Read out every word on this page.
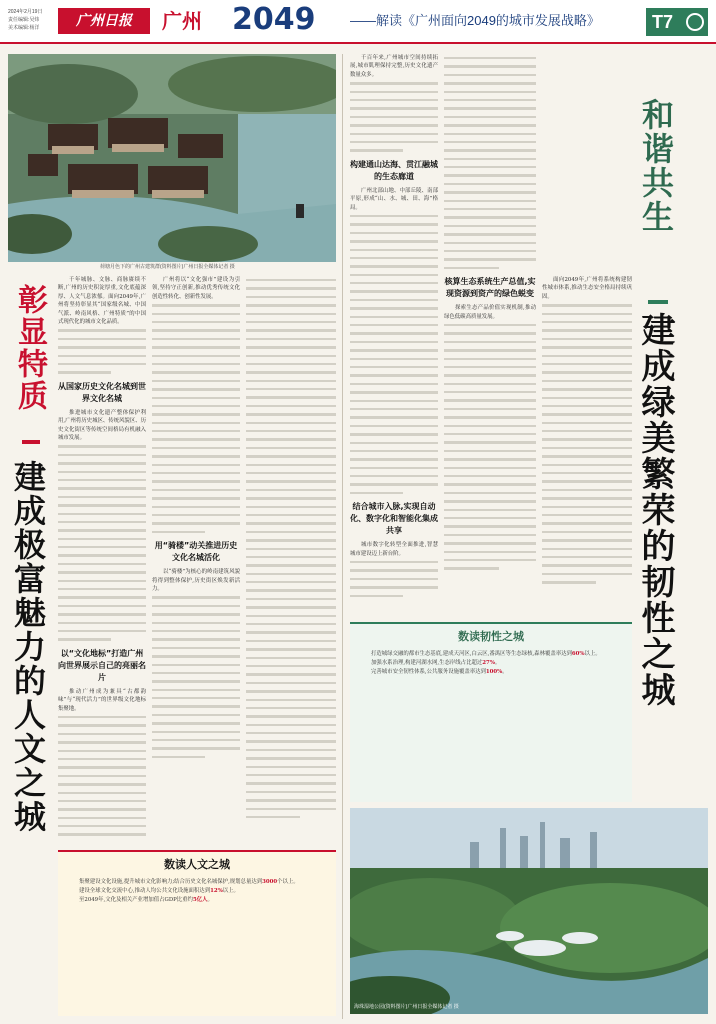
2024年2月19日
责任编辑:吴炜
美术编辑:杨洋	广州日报	广州	2049	——解读《广州面向2049的城市发展战略》	T7
荷塘月色下的广州古建筑群(资料图片)广州日报全媒体记者 摄
彰显特质
建成极富魅力的人文之城

千年城脉、文脉、商脉赓续不断,广州的历史积淀厚重,文化底蕴深厚、人文气息浓郁。面向2049年,广州将坚持彰显其“国家级名城、中国气派、岭南风格、广州特质”的中国式现代化的城市文化品质。

从国家历史文化名城到世界文化名城

推进城市文化遗产整体保护利用,广州将历史城区、传统风貌区、历史文化街区等传统空间格局有机融入城市发展。

以“文化地标”打造广州向世界展示自己的亮丽名片

推动广州成为兼具“古都韵味”与“现代活力”的世界级文化地标集聚地。

广州将以“文化强市”建设为引领,坚持守正创新,推动优秀传统文化创造性转化、创新性发展。

用“骑楼”动关推进历史文化名城活化

以“骑楼”为核心的岭南建筑风貌将得到整体保护,历史街区焕发新活力。

数读人文之城

集聚建设文化设施,提升城市文化影响力;结合历史文化名城保护,规划总量达到3000个以上。

建设全球文化交流中心,推动人均公共文化设施面积达到12%以上。

至2049年,文化及相关产业增加值占GDP比重约5亿人。

千百年来,广州城市空间持续拓展,城市肌理保持完整,历史文化遗产数量众多。

构建通山达海、贯江融城的生态廊道

广州北部山地、中部丘陵、南部平原,形成“山、水、城、田、海”格局。

结合城市入脉,实现自动化、数字化和智能化集成共享

城市数字化转型全面推进,智慧城市建设迈上新台阶。

核算生态系统生产总值,实现资源到资产的绿色蜕变

探索生态产品价值实现机制,推动绿色低碳高质量发展。

面向2049年,广州将系统构建韧性城市体系,推动生态安全格局持续巩固。

和谐共生
建成绿美繁荣的韧性之城
数读韧性之城

打造城绿交融的都市生态基底,建成天河区,白云区,番禺区等生态绿核,森林覆盖率达到60%以上。

加强水系治理,构建河湖水网,生态岸线占比超过27%。

完善城市安全韧性体系,公共服务设施覆盖率达到100%。

海珠湿地公园(资料图片)广州日报全媒体记者 摄
